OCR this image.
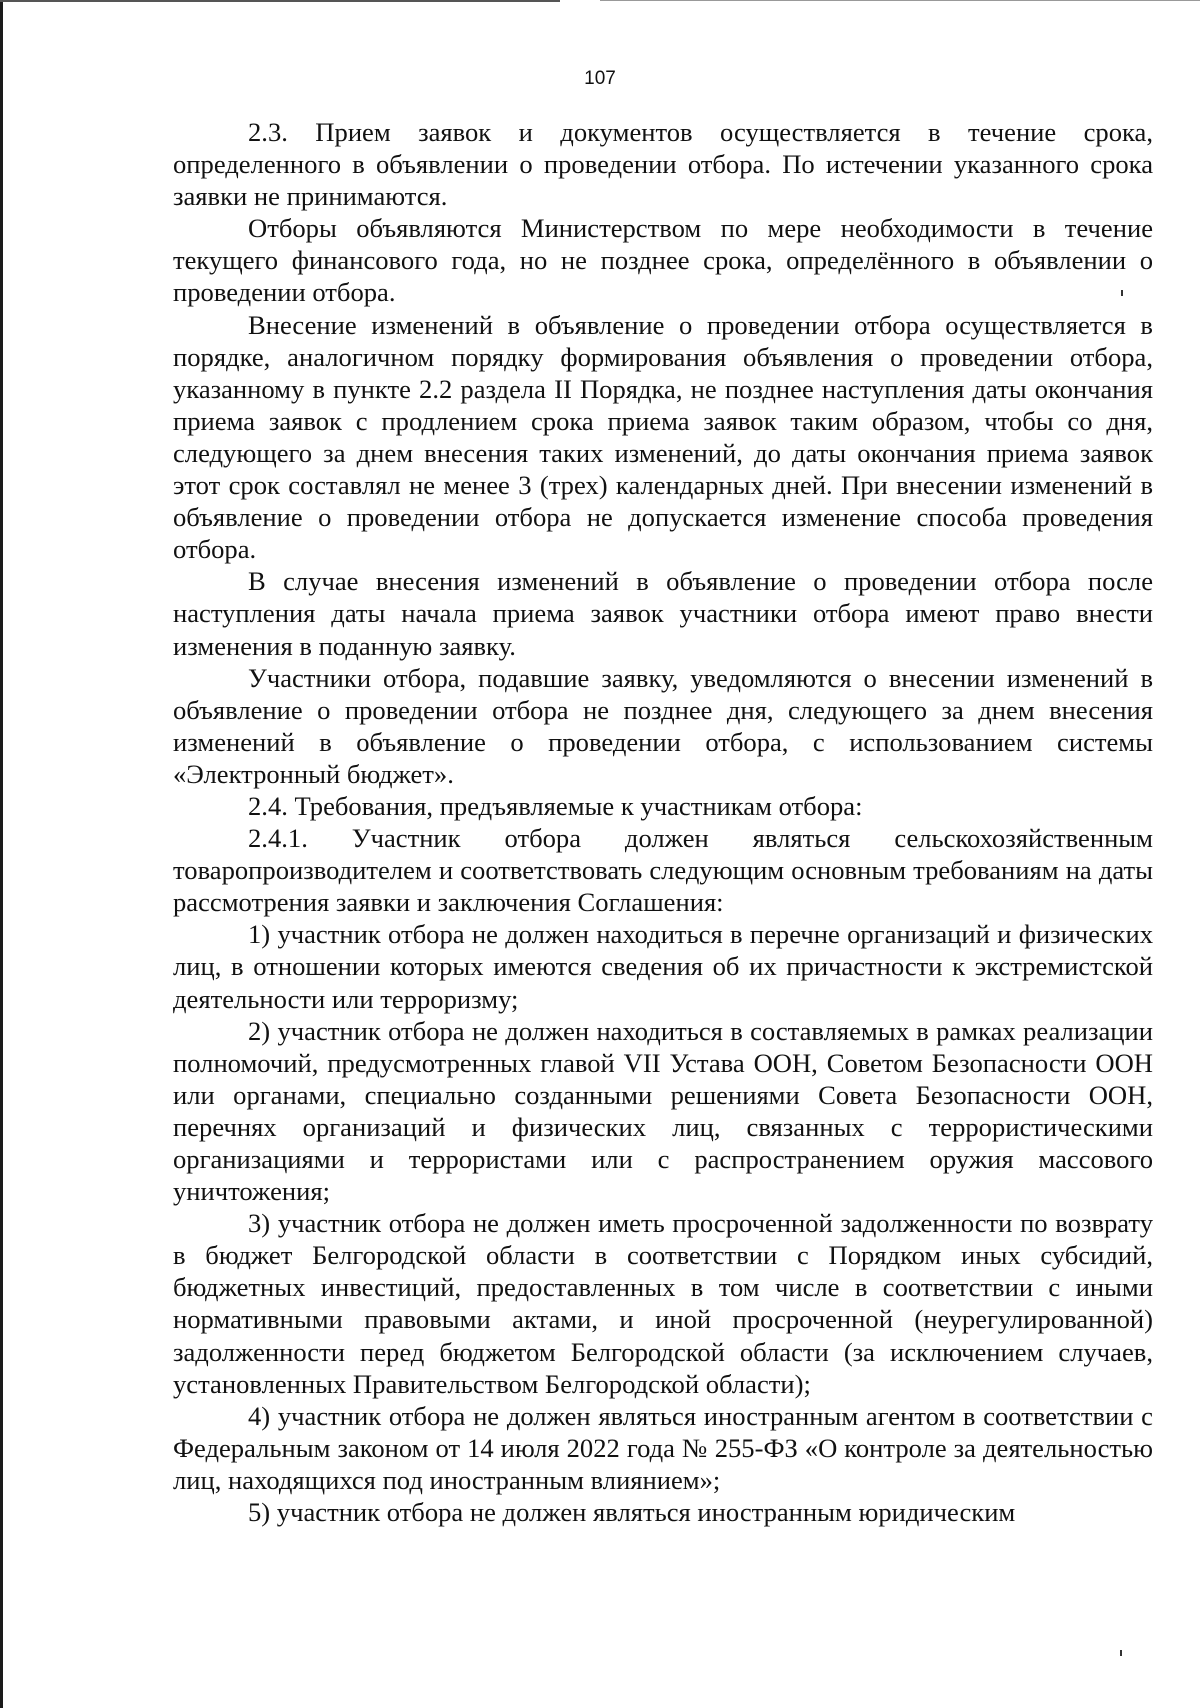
107

2.3. Прием заявок и документов осуществляется в течение срока, определенного в объявлении о проведении отбора. По истечении указанного срока заявки не принимаются.

Отборы объявляются Министерством по мере необходимости в течение текущего финансового года, но не позднее срока, определённого в объявлении о проведении отбора.

Внесение изменений в объявление о проведении отбора осуществляется в порядке, аналогичном порядку формирования объявления о проведении отбора, указанному в пункте 2.2 раздела II Порядка, не позднее наступления даты окончания приема заявок с продлением срока приема заявок таким образом, чтобы со дня, следующего за днем внесения таких изменений, до даты окончания приема заявок этот срок составлял не менее 3 (трех) календарных дней. При внесении изменений в объявление о проведении отбора не допускается изменение способа проведения отбора.

В случае внесения изменений в объявление о проведении отбора после наступления даты начала приема заявок участники отбора имеют право внести изменения в поданную заявку.

Участники отбора, подавшие заявку, уведомляются о внесении изменений в объявление о проведении отбора не позднее дня, следующего за днем внесения изменений в объявление о проведении отбора, с использованием системы «Электронный бюджет».

2.4. Требования, предъявляемые к участникам отбора:

2.4.1. Участник отбора должен являться сельскохозяйственным товаропроизводителем и соответствовать следующим основным требованиям на даты рассмотрения заявки и заключения Соглашения:

1) участник отбора не должен находиться в перечне организаций и физических лиц, в отношении которых имеются сведения об их причастности к экстремистской деятельности или терроризму;

2) участник отбора не должен находиться в составляемых в рамках реализации полномочий, предусмотренных главой VII Устава ООН, Советом Безопасности ООН или органами, специально созданными решениями Совета Безопасности ООН, перечнях организаций и физических лиц, связанных с террористическими организациями и террористами или с распространением оружия массового уничтожения;

3) участник отбора не должен иметь просроченной задолженности по возврату в бюджет Белгородской области в соответствии с Порядком иных субсидий, бюджетных инвестиций, предоставленных в том числе в соответствии с иными нормативными правовыми актами, и иной просроченной (неурегулированной) задолженности перед бюджетом Белгородской области (за исключением случаев, установленных Правительством Белгородской области);

4) участник отбора не должен являться иностранным агентом в соответствии с Федеральным законом от 14 июля 2022 года № 255-ФЗ «О контроле за деятельностью лиц, находящихся под иностранным влиянием»;

5) участник отбора не должен являться иностранным юридическим
